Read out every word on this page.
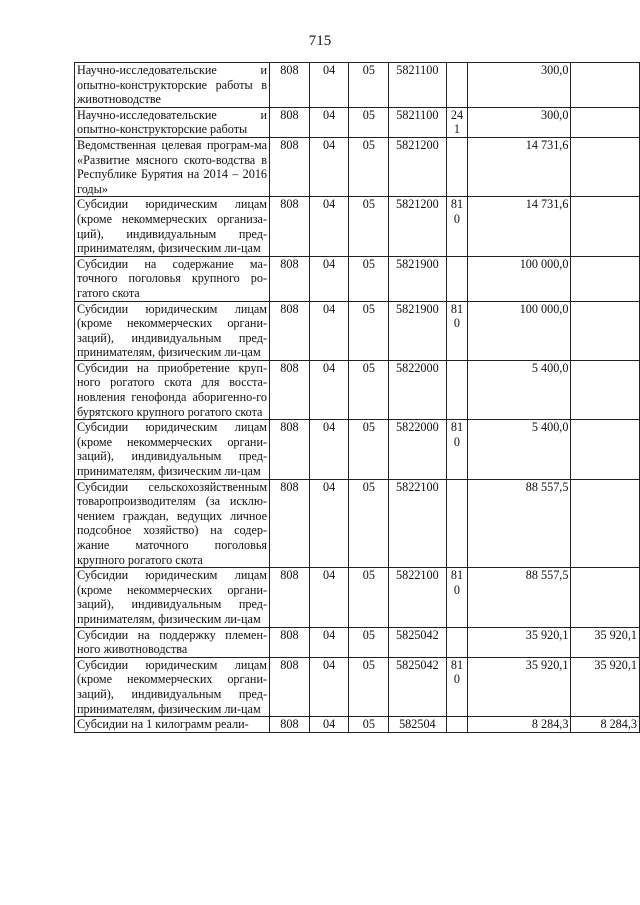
715
Научно-исследовательские и опытно-конструкторские работы в животноводстве	808	04	05	5821100		300,0	

Научно-исследовательские и опытно-конструкторские работы	808	04	05	5821100	241	300,0	

Ведомственная целевая програм-ма «Развитие мясного ското-водства в Республике Бурятия на 2014 – 2016 годы»	808	04	05	5821200		14 731,6	

Субсидии юридическим лицам (кроме некоммерческих организа-ций), индивидуальным пред-принимателям, физическим ли-цам	808	04	05	5821200	810	14 731,6	

Субсидии на содержание ма-точного поголовья крупного ро-гатого скота	808	04	05	5821900		100 000,0	

Субсидии юридическим лицам (кроме некоммерческих органи-заций), индивидуальным пред-принимателям, физическим ли-цам	808	04	05	5821900	810	100 000,0	

Субсидии на приобретение круп-ного рогатого скота для восста-новления генофонда аборигенно-го бурятского крупного рогатого скота	808	04	05	5822000		5 400,0	

Субсидии юридическим лицам (кроме некоммерческих органи-заций), индивидуальным пред-принимателям, физическим ли-цам	808	04	05	5822000	810	5 400,0	

Субсидии сельскохозяйственным товаропроизводителям (за исклю-чением граждан, ведущих личное подсобное хозяйство) на содер-жание маточного поголовья крупного рогатого скота	808	04	05	5822100		88 557,5	

Субсидии юридическим лицам (кроме некоммерческих органи-заций), индивидуальным пред-принимателям, физическим ли-цам	808	04	05	5822100	810	88 557,5	

Субсидии на поддержку племен-ного животноводства	808	04	05	5825042		35 920,1	35 920,1

Субсидии юридическим лицам (кроме некоммерческих органи-заций), индивидуальным пред-принимателям, физическим ли-цам	808	04	05	5825042	810	35 920,1	35 920,1

Субсидии на 1 килограмм реали-	808	04	05	582504		8 284,3	8 284,3
